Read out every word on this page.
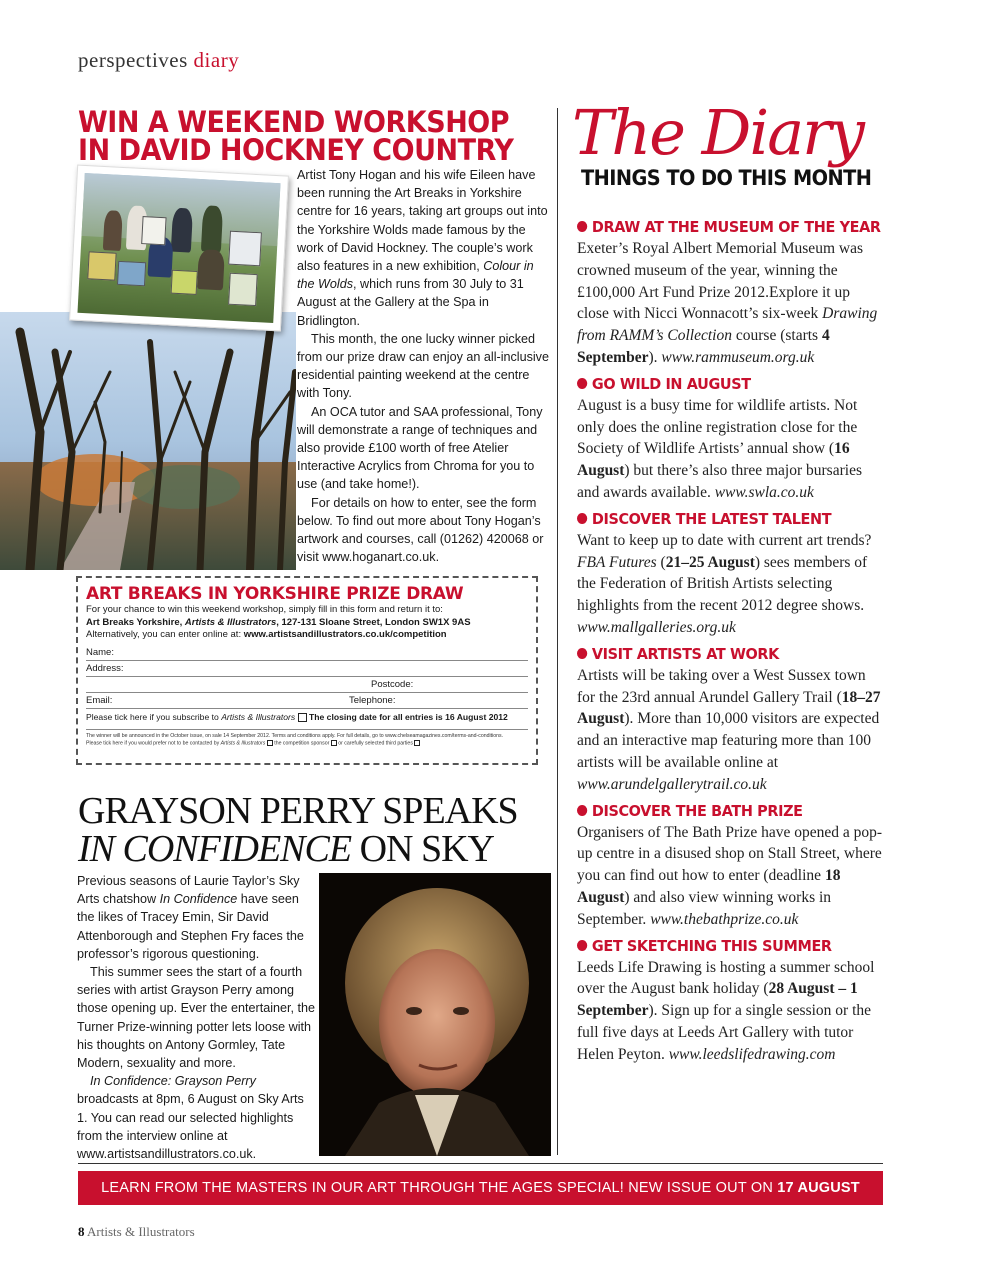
perspectives diary
WIN A WEEKEND WORKSHOP
IN DAVID HOCKNEY COUNTRY

Artist Tony Hogan and his wife Eileen have been running the Art Breaks in Yorkshire centre for 16 years, taking art groups out into the Yorkshire Wolds made famous by the work of David Hockney. The couple’s work also features in a new exhibition, Colour in the Wolds, which runs from 30 July to 31 August at the Gallery at the Spa in Bridlington.

This month, the one lucky winner picked from our prize draw can enjoy an all-inclusive residential painting weekend at the centre with Tony.

An OCA tutor and SAA professional, Tony will demonstrate a range of techniques and also provide £100 worth of free Atelier Interactive Acrylics from Chroma for you to use (and take home!).

For details on how to enter, see the form below. To find out more about Tony Hogan’s artwork and courses, call (01262) 420068 or visit www.hoganart.co.uk.

ART BREAKS IN YORKSHIRE PRIZE DRAW
For your chance to win this weekend workshop, simply fill in this form and return it to:
Art Breaks Yorkshire, Artists & Illustrators, 127-131 Sloane Street, London SW1X 9AS
Alternatively, you can enter online at: www.artistsandillustrators.co.uk/competition
Name:
Address:
Postcode:
Email:	Telephone:
Please tick here if you subscribe to Artists & Illustrators The closing date for all entries is 16 August 2012
The winner will be announced in the October issue, on sale 14 September 2012. Terms and conditions apply. For full details, go to www.chelseamagazines.com/terms-and-conditions.
Please tick here if you would prefer not to be contacted by Artists & Illustrators  the competition sponsor  or carefully selected third parties
GRAYSON PERRY SPEAKS
IN CONFIDENCE ON SKY

Previous seasons of Laurie Taylor’s Sky Arts chatshow In Confidence have seen the likes of Tracey Emin, Sir David Attenborough and Stephen Fry faces the professor’s rigorous questioning.

This summer sees the start of a fourth series with artist Grayson Perry among those opening up. Ever the entertainer, the Turner Prize-winning potter lets loose with his thoughts on Antony Gormley, Tate Modern, sexuality and more.

In Confidence: Grayson Perry broadcasts at 8pm, 6 August on Sky Arts 1. You can read our selected highlights from the interview online at www.artistsandillustrators.co.uk.

The Diary
THINGS TO DO THIS MONTH
DRAW AT THE MUSEUM OF THE YEAR
Exeter’s Royal Albert Memorial Museum was crowned museum of the year, winning the £100,000 Art Fund Prize 2012.Explore it up close with Nicci Wonnacott’s six-week Drawing from RAMM’s Collection course (starts 4 September). www.rammuseum.org.uk
GO WILD IN AUGUST
August is a busy time for wildlife artists. Not only does the online registration close for the Society of Wildlife Artists’ annual show (16 August) but there’s also three major bursaries and awards available. www.swla.co.uk
DISCOVER THE LATEST TALENT
Want to keep up to date with current art trends? FBA Futures (21–25 August) sees members of the Federation of British Artists selecting highlights from the recent 2012 degree shows. www.mallgalleries.org.uk
VISIT ARTISTS AT WORK
Artists will be taking over a West Sussex town for the 23rd annual Arundel Gallery Trail (18–27 August). More than 10,000 visitors are expected and an interactive map featuring more than 100 artists will be available online at www.arundelgallerytrail.co.uk
DISCOVER THE BATH PRIZE
Organisers of The Bath Prize have opened a pop-up centre in a disused shop on Stall Street, where you can find out how to enter (deadline 18 August) and also view winning works in September. www.thebathprize.co.uk
GET SKETCHING THIS SUMMER
Leeds Life Drawing is hosting a summer school over the August bank holiday (28 August – 1 September). Sign up for a single session or the full five days at Leeds Art Gallery with tutor Helen Peyton. www.leedslifedrawing.com
LEARN FROM THE MASTERS IN OUR ART THROUGH THE AGES SPECIAL! NEW ISSUE OUT ON 17 AUGUST
8 Artists & Illustrators
